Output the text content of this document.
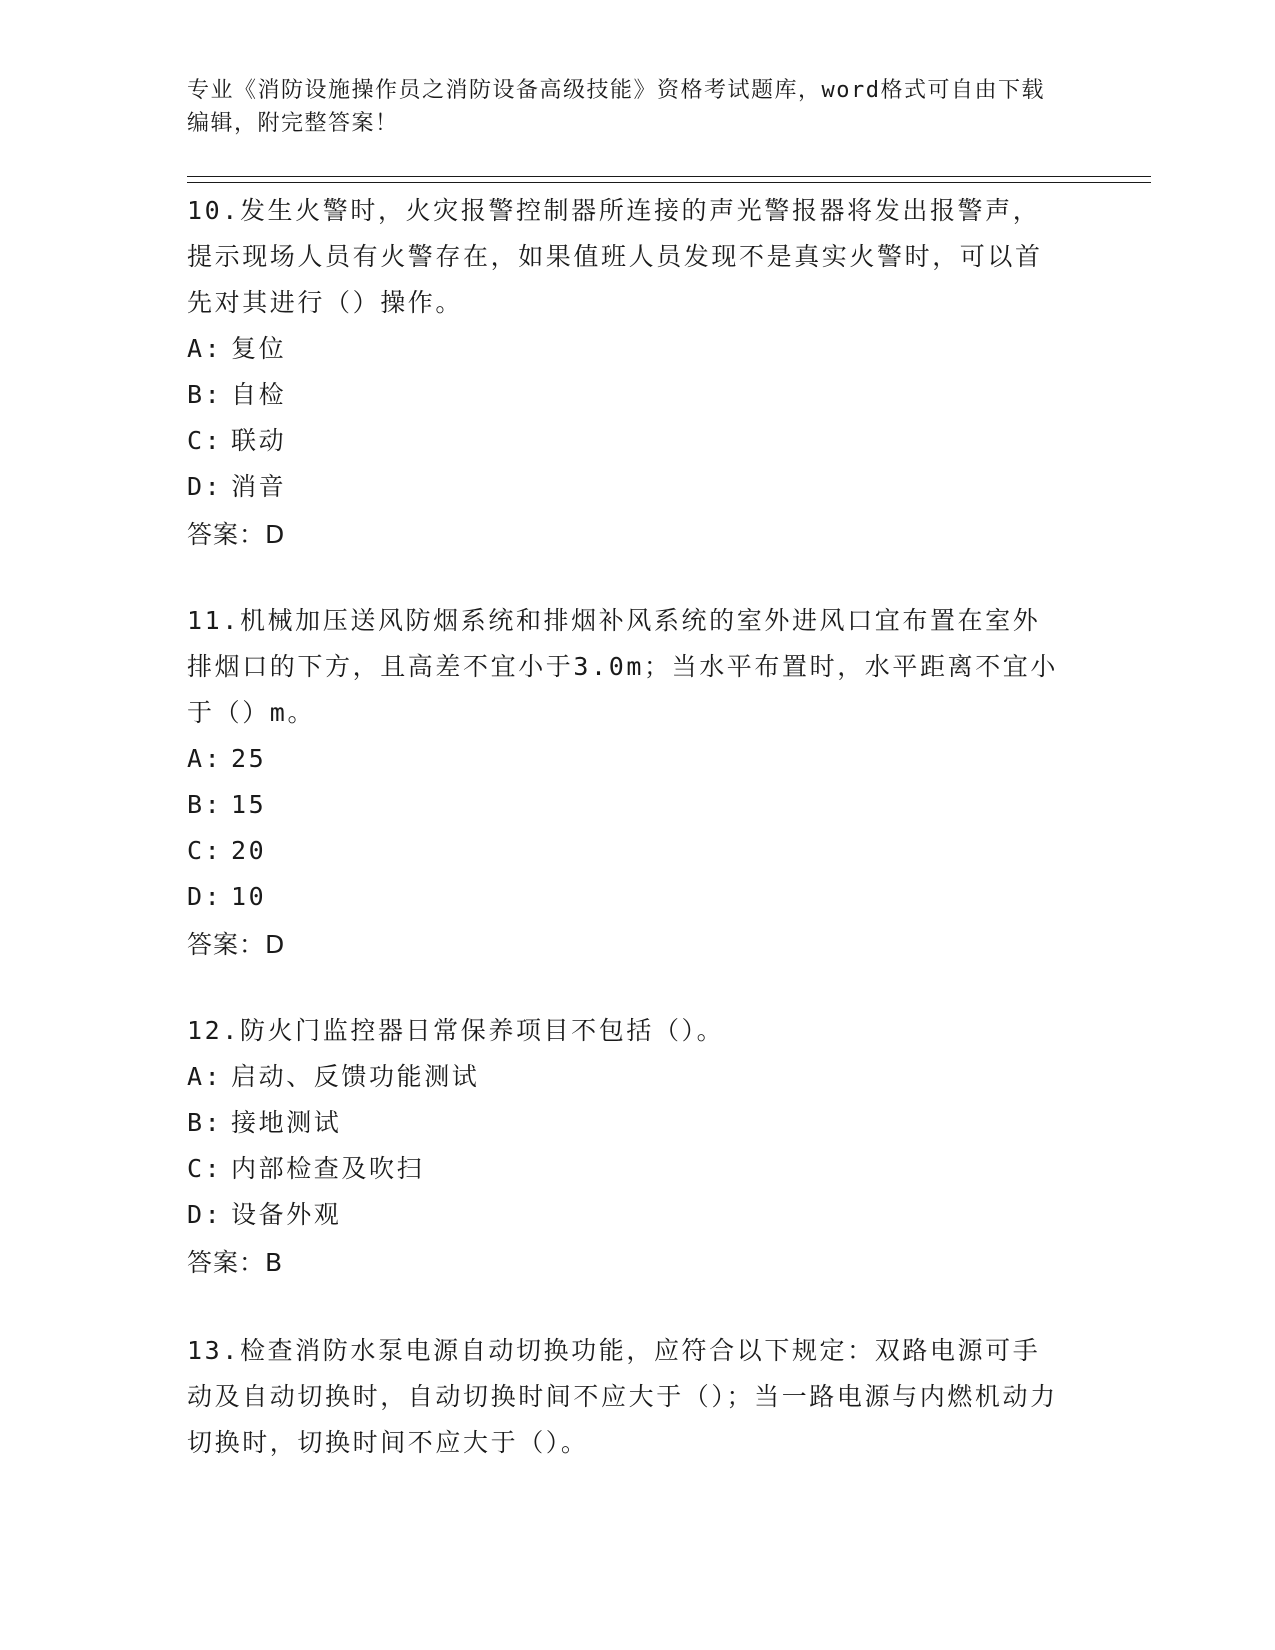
专业《消防设施操作员之消防设备高级技能》资格考试题库，word格式可自由下载编辑，附完整答案！
10.发生火警时，火灾报警控制器所连接的声光警报器将发出报警声，提示现场人员有火警存在，如果值班人员发现不是真实火警时，可以首先对其进行（）操作。
A: 复位
B: 自检
C: 联动
D: 消音
答案：D
11.机械加压送风防烟系统和排烟补风系统的室外进风口宜布置在室外排烟口的下方，且高差不宜小于3.0m；当水平布置时，水平距离不宜小于（）m。
A: 25
B: 15
C: 20
D: 10
答案：D
12.防火门监控器日常保养项目不包括（）。
A: 启动、反馈功能测试
B: 接地测试
C: 内部检查及吹扫
D: 设备外观
答案：B
13.检查消防水泵电源自动切换功能，应符合以下规定：双路电源可手动及自动切换时，自动切换时间不应大于（）；当一路电源与内燃机动力切换时，切换时间不应大于（）。
